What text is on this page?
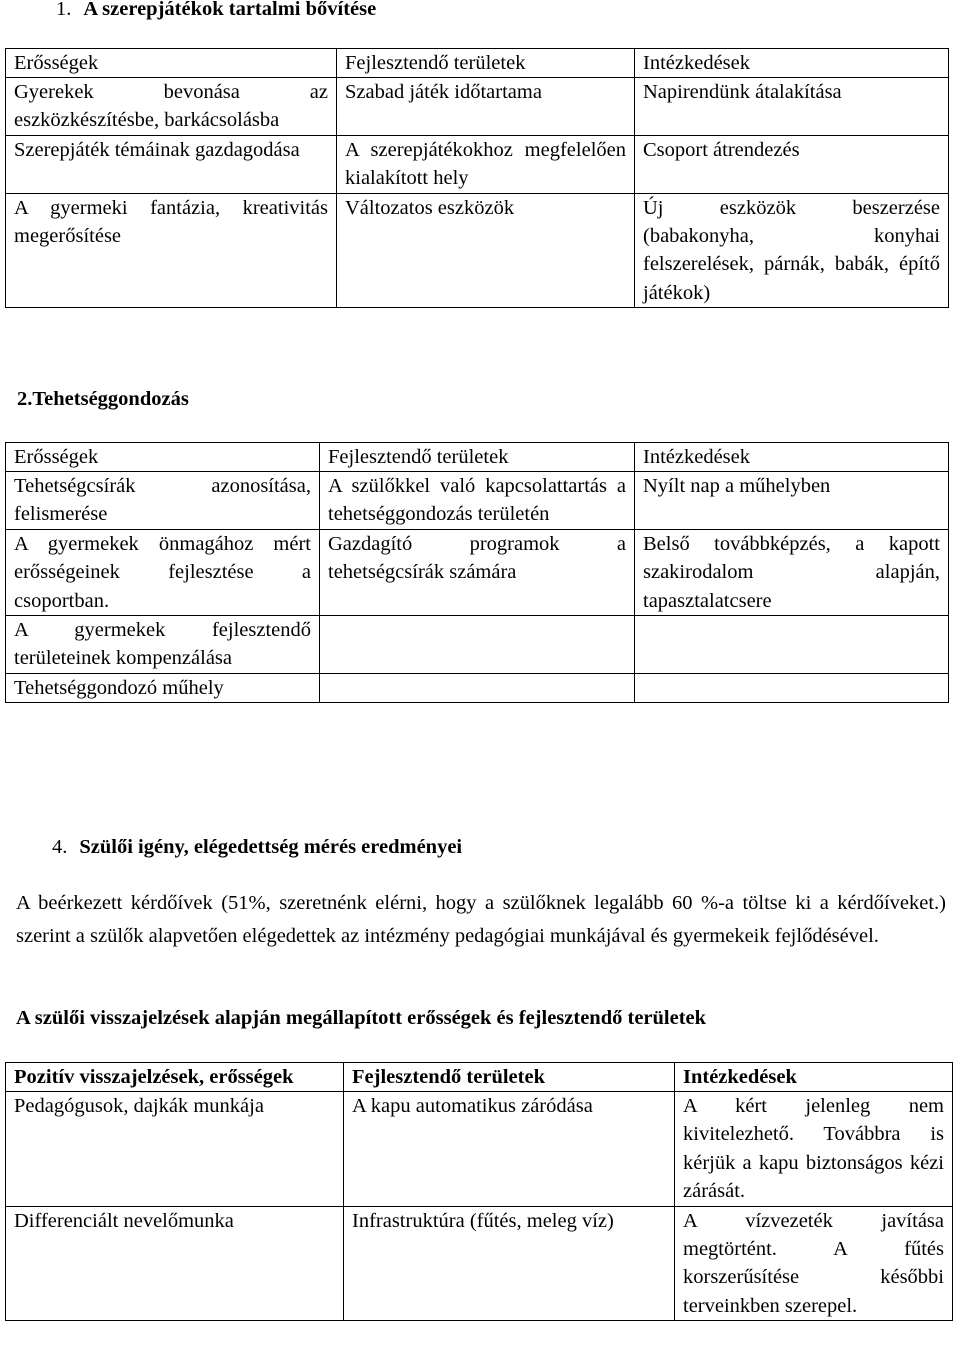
1. A szerepjátékok tartalmi bővítése
Erősségek	Fejlesztendő területek	Intézkedések
Gyerekek bevonása az eszközkészítésbe, barkácsolásba	Szabad játék időtartama	Napirendünk átalakítása
Szerepjáték témáinak gazdagodása	A szerepjátékokhoz megfelelően kialakított hely	Csoport átrendezés
A gyermeki fantázia, kreativitás megerősítése	Változatos eszközök	Új eszközök beszerzése (babakonyha, konyhai felszerelések, párnák, babák, építő játékok)
2.Tehetséggondozás
Erősségek	Fejlesztendő területek	Intézkedések
Tehetségcsírák azonosítása, felismerése	A szülőkkel való kapcsolattartás a tehetséggondozás területén	Nyílt nap a műhelyben
A gyermekek önmagához mért erősségeinek fejlesztése a csoportban.	Gazdagító programok a tehetségcsírák számára	Belső továbbképzés, a kapott szakirodalom alapján, tapasztalatcsere
A gyermekek fejlesztendő területeinek kompenzálása		
Tehetséggondozó műhely		
4. Szülői igény, elégedettség mérés eredményei
A beérkezett kérdőívek (51%, szeretnénk elérni, hogy a szülőknek legalább 60 %-a töltse ki a kérdőíveket.) szerint a szülők alapvetően elégedettek az intézmény pedagógiai munkájával és gyermekeik fejlődésével.
A szülői visszajelzések alapján megállapított erősségek és fejlesztendő területek
Pozitív visszajelzések, erősségek	Fejlesztendő területek	Intézkedések
Pedagógusok, dajkák munkája	A kapu automatikus záródása	A kért jelenleg nem kivitelezhető. Továbbra is kérjük a kapu biztonságos kézi zárását.
Differenciált nevelőmunka	Infrastruktúra (fűtés, meleg víz)	A vízvezeték javítása megtörtént. A fűtés korszerűsítése későbbi terveinkben szerepel.
